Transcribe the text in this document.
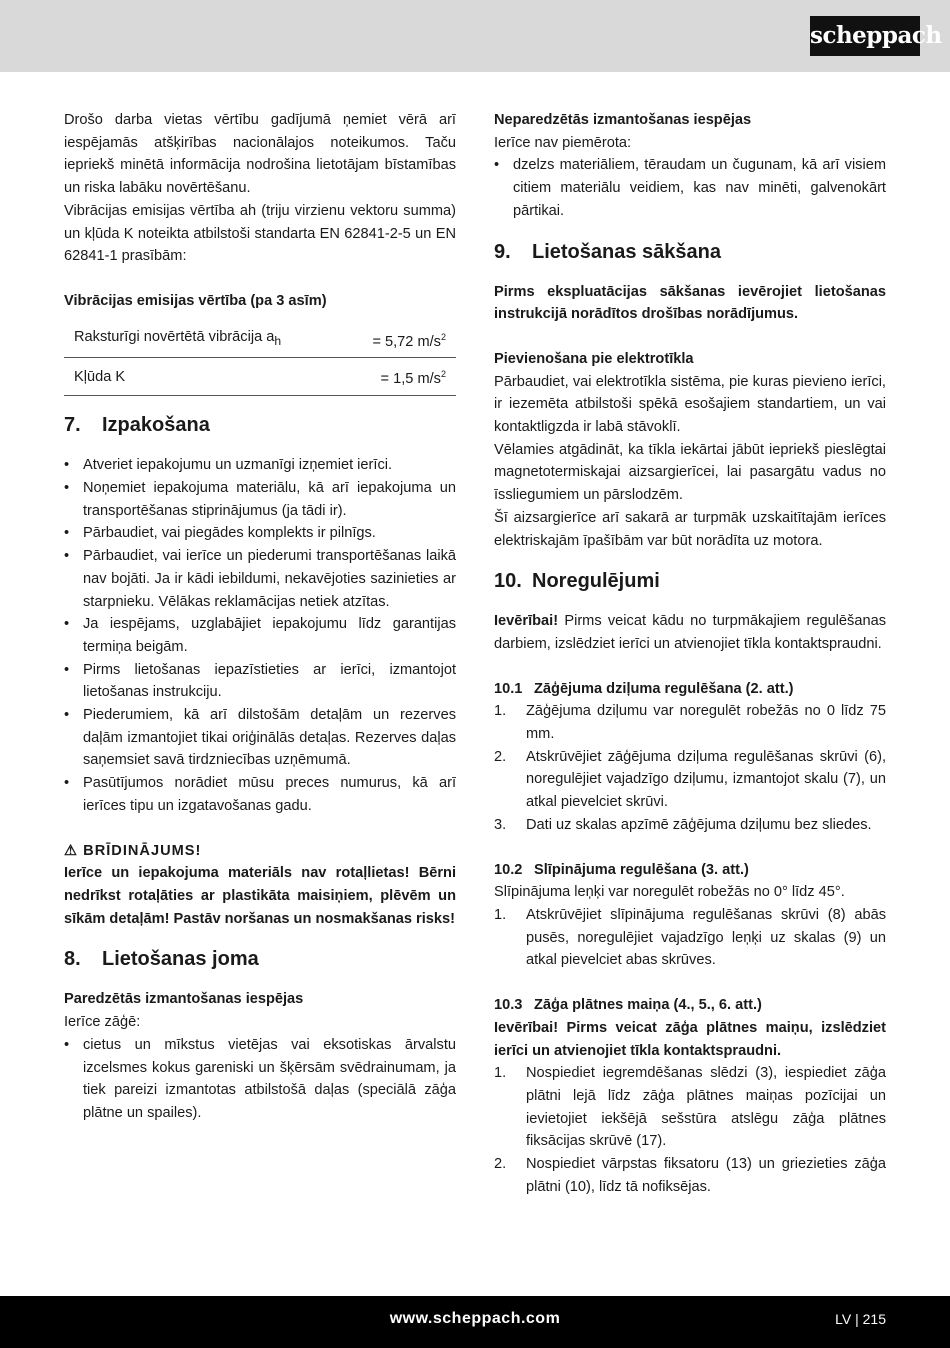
scheppach

Drošo darba vietas vērtību gadījumā ņemiet vērā arī iespējamās atšķirības nacionālajos noteikumos. Taču iepriekš minētā informācija nodrošina lietotājam bīstamības un riska labāku novērtēšanu.

Vibrācijas emisijas vērtība ah (triju virzienu vektoru summa) un kļūda K noteikta atbilstoši standarta EN 62841-2-5 un EN 62841-1 prasībām:

Vibrācijas emisijas vērtība (pa 3 asīm)
Raksturīgi novērtētā vibrācija $a_h$	= 5,72 $m/s^2$
Kļūda K	= 1,5 $m/s^2$
7. Izpakošana
• Atveriet iepakojumu un uzmanīgi izņemiet ierīci.
• Noņemiet iepakojuma materiālu, kā arī iepakojuma un transportēšanas stiprinājumus (ja tādi ir).
• Pārbaudiet, vai piegādes komplekts ir pilnīgs.
• Pārbaudiet, vai ierīce un piederumi transportēšanas laikā nav bojāti. Ja ir kādi iebildumi, nekavējoties sazinieties ar starpnieku. Vēlākas reklamācijas netiek atzītas.
• Ja iespējams, uzglabājiet iepakojumu līdz garantijas termiņa beigām.
• Pirms lietošanas iepazīstieties ar ierīci, izmantojot lietošanas instrukciju.
• Piederumiem, kā arī dilstošām detaļām un rezerves daļām izmantojiet tikai oriģinālās detaļas. Rezerves daļas saņemsiet savā tirdzniecības uzņēmumā.
• Pasūtījumos norādiet mūsu preces numurus, kā arī ierīces tipu un izgatavošanas gadu.
⚠ BRĪDINĀJUMS!

Ierīce un iepakojuma materiāls nav rotaļlietas! Bērni nedrīkst rotaļāties ar plastikāta maisiņiem, plēvēm un sīkām detaļām! Pastāv noršanas un nosmakšanas risks!

8. Lietošanas joma
Paredzētās izmantošanas iespējas

Ierīce zāģē:

• cietus un mīkstus vietējas vai eksotiskas ārvalstu izcelsmes kokus gareniski un šķērsām svēdrainumam, ja tiek pareizi izmantotas atbilstošā daļas (speciālā zāģa plātne un spailes).
Neparedzētās izmantošanas iespējas

Ierīce nav piemērota:

• dzelzs materiāliem, tēraudam un čugunam, kā arī visiem citiem materiālu veidiem, kas nav minēti, galvenokārt pārtikai.
9. Lietošanas sākšana

Pirms ekspluatācijas sākšanas ievērojiet lietošanas instrukcijā norādītos drošības norādījumus.

Pievienošana pie elektrotīkla

Pārbaudiet, vai elektrotīkla sistēma, pie kuras pievieno ierīci, ir iezemēta atbilstoši spēkā esošajiem standartiem, un vai kontaktligzda ir labā stāvoklī.

Vēlamies atgādināt, ka tīkla iekārtai jābūt iepriekš pieslēgtai magnetotermiskajai aizsargierīcei, lai pasargātu vadus no īssliegumiem un pārslodzēm.

Šī aizsargierīce arī sakarā ar turpmāk uzskaitītajām ierīces elektriskajām īpašībām var būt norādīta uz motora.

10. Noregulējumi

Ievērībai! Pirms veicat kādu no turpmākajiem regulēšanas darbiem, izslēdziet ierīci un atvienojiet tīkla kontaktspraudni.

10.1 Zāģējuma dziļuma regulēšana (2. att.)
1. Zāģējuma dziļumu var noregulēt robežās no 0 līdz 75 mm.
2. Atskrūvējiet zāģējuma dziļuma regulēšanas skrūvi (6), noregulējiet vajadzīgo dziļumu, izmantojot skalu (7), un atkal pievelciet skrūvi.
3. Dati uz skalas apzīmē zāģējuma dziļumu bez sliedes.
10.2 Slīpinājuma regulēšana (3. att.)

Slīpinājuma leņķi var noregulēt robežās no 0° līdz 45°.

1. Atskrūvējiet slīpinājuma regulēšanas skrūvi (8) abās pusēs, noregulējiet vajadzīgo leņķi uz skalas (9) un atkal pievelciet abas skrūves.
10.3 Zāģa plātnes maiņa (4., 5., 6. att.)

Ievērībai! Pirms veicat zāģa plātnes maiņu, izslēdziet ierīci un atvienojiet tīkla kontaktspraudni.

1. Nospiediet iegremdēšanas slēdzi (3), iespiediet zāģa plātni lejā līdz zāģa plātnes maiņas pozīcijai un ievietojiet iekšējā sešstūra atslēgu zāģa plātnes fiksācijas skrūvē (17).
2. Nospiediet vārpstas fiksatoru (13) un griezieties zāģa plātni (10), līdz tā nofiksējas.
www.scheppach.com	LV | 215
